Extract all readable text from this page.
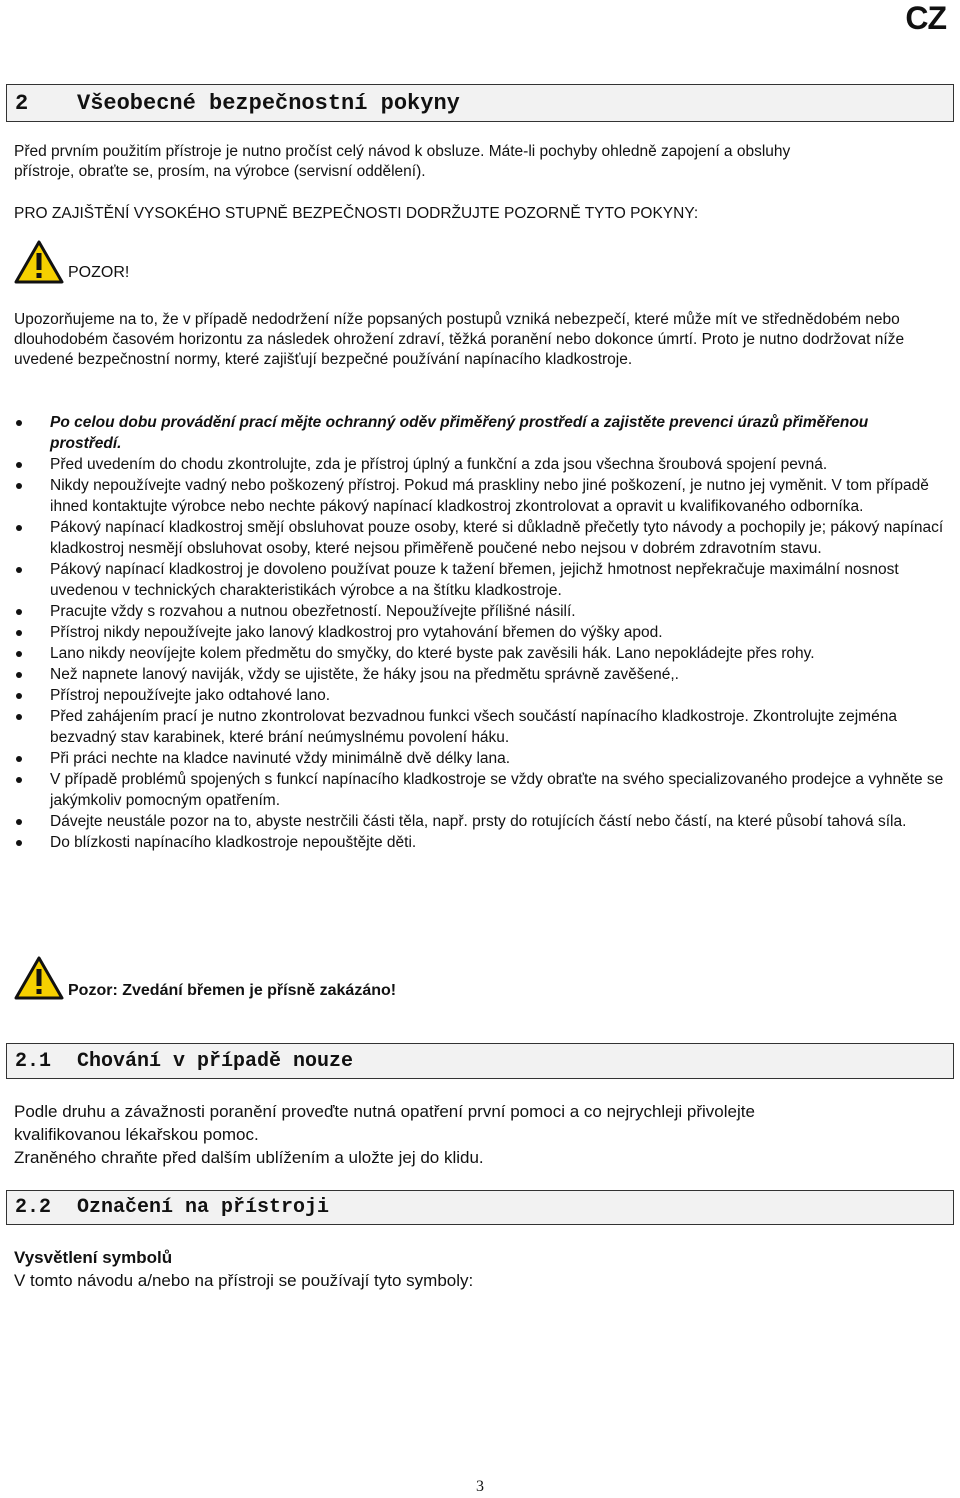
CZ
2	Všeobecné bezpečnostní pokyny

Před prvním použitím přístroje je nutno pročíst celý návod k obsluze. Máte-li pochyby ohledně zapojení a obsluhy
přístroje, obraťte se, prosím, na výrobce (servisní oddělení).

PRO ZAJIŠTĚNÍ VYSOKÉHO STUPNĚ BEZPEČNOSTI DODRŽUJTE POZORNĚ TYTO POKYNY:

POZOR!

Upozorňujeme na to, že v případě nedodržení níže popsaných postupů vzniká nebezpečí, které může mít ve střednědobém nebo dlouhodobém časovém horizontu za následek ohrožení zdraví, těžká poranění nebo dokonce úmrtí. Proto je nutno dodržovat níže uvedené bezpečnostní normy, které zajišťují bezpečné používání napínacího kladkostroje.

Po celou dobu provádění prací mějte ochranný oděv přiměřený prostředí a zajistěte prevenci úrazů přiměřenou prostředí.
Před uvedením do chodu zkontrolujte, zda je přístroj úplný a funkční a zda jsou všechna šroubová spojení pevná.
Nikdy nepoužívejte vadný nebo poškozený přístroj. Pokud má praskliny nebo jiné poškození, je nutno jej vyměnit. V tom případě ihned kontaktujte výrobce nebo nechte pákový napínací kladkostroj zkontrolovat a opravit u kvalifikovaného odborníka.
Pákový napínací kladkostroj smějí obsluhovat pouze osoby, které si důkladně přečetly tyto návody a pochopily je; pákový napínací kladkostroj nesmějí obsluhovat osoby, které nejsou přiměřeně poučené nebo nejsou v dobrém zdravotním stavu.
Pákový napínací kladkostroj je dovoleno používat pouze k tažení břemen, jejichž hmotnost nepřekračuje maximální nosnost uvedenou v technických charakteristikách výrobce a na štítku kladkostroje.
Pracujte vždy s rozvahou a nutnou obezřetností. Nepoužívejte přílišné násilí.
Přístroj nikdy nepoužívejte jako lanový kladkostroj pro vytahování břemen do výšky apod.
Lano nikdy neovíjejte kolem předmětu do smyčky, do které byste pak zavěsili hák. Lano nepokládejte přes rohy.
Než napnete lanový naviják, vždy se ujistěte, že háky jsou na předmětu správně zavěšené,.
Přístroj nepoužívejte jako odtahové lano.
Před zahájením prací je nutno zkontrolovat bezvadnou funkci všech součástí napínacího kladkostroje. Zkontrolujte zejména bezvadný stav karabinek, které brání neúmyslnému povolení háku.
Při práci nechte na kladce navinuté vždy minimálně dvě délky lana.
V případě problémů spojených s funkcí napínacího kladkostroje se vždy obraťte na svého specializovaného prodejce a vyhněte se jakýmkoliv pomocným opatřením.
Dávejte neustále pozor na to, abyste nestrčili části těla, např. prsty do rotujících částí nebo částí, na které působí tahová síla.
Do blízkosti napínacího kladkostroje nepouštějte děti.
Pozor: Zvedání břemen je přísně zakázáno!
2.1	Chování v případě nouze

Podle druhu a závažnosti poranění proveďte nutná opatření první pomoci a co nejrychleji přivolejte
kvalifikovanou lékařskou pomoc.
Zraněného chraňte před dalším ublížením a uložte jej do klidu.

2.2	Označení na přístroji

Vysvětlení symbolů
V tomto návodu a/nebo na přístroji se používají tyto symboly:

3
